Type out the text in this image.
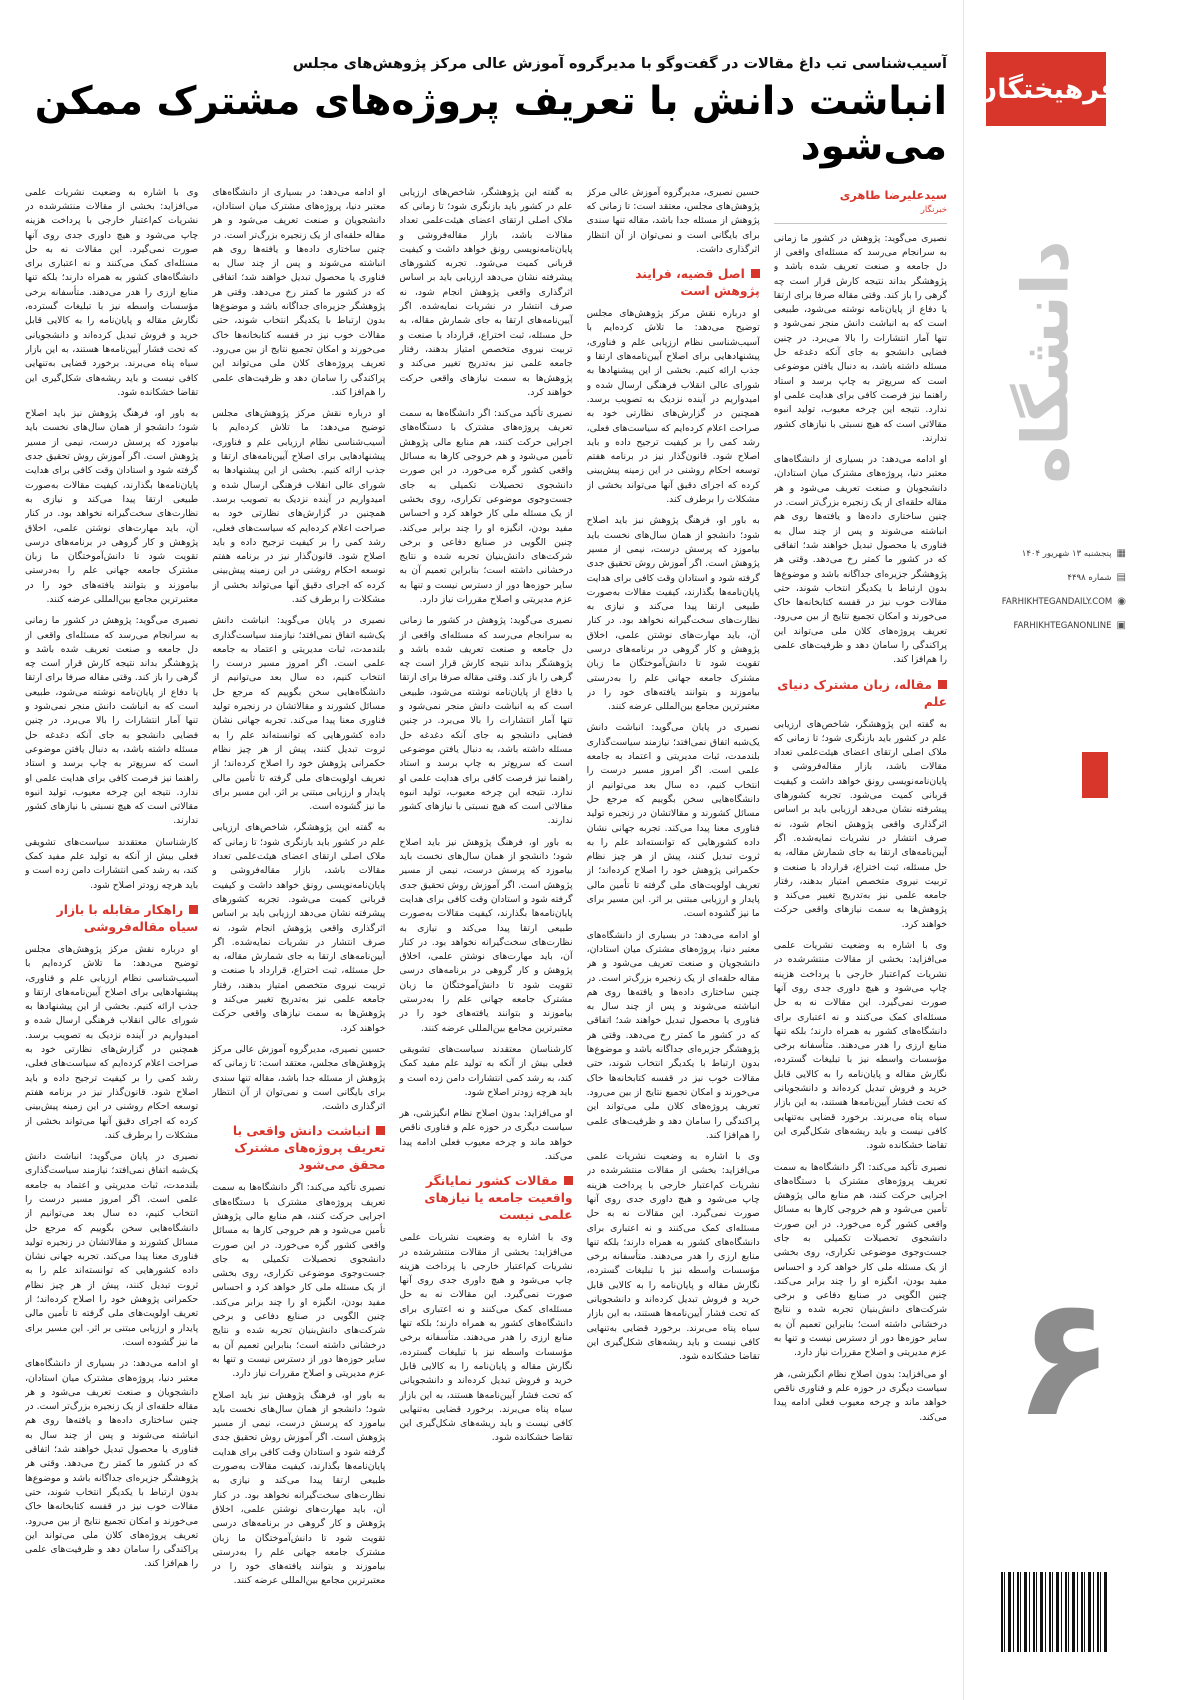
آسیب‌شناسی تب داغ مقالات در گفت‌وگو با مدیرگروه آموزش عالی مرکز پژوهش‌های مجلس
انباشت دانش با تعریف پروژه‌های مشترک ممکن می‌شود
سیدعلیرضا طاهری
خبرنگار

نصیری می‌گوید: پژوهش در کشور ما زمانی به سرانجام می‌رسد که مسئله‌ای واقعی از دل جامعه و صنعت تعریف شده باشد و پژوهشگر بداند نتیجه کارش قرار است چه گرهی را باز کند. وقتی مقاله صرفا برای ارتقا یا دفاع از پایان‌نامه نوشته می‌شود، طبیعی است که به انباشت دانش منجر نمی‌شود و تنها آمار انتشارات را بالا می‌برد. در چنین فضایی دانشجو به جای آنکه دغدغه حل مسئله داشته باشد، به دنبال یافتن موضوعی است که سریع‌تر به چاپ برسد و استاد راهنما نیز فرصت کافی برای هدایت علمی او ندارد. نتیجه این چرخه معیوب، تولید انبوه مقالاتی است که هیچ نسبتی با نیازهای کشور ندارند.

او ادامه می‌دهد: در بسیاری از دانشگاه‌های معتبر دنیا، پروژه‌های مشترک میان استادان، دانشجویان و صنعت تعریف می‌شود و هر مقاله حلقه‌ای از یک زنجیره بزرگ‌تر است. در چنین ساختاری داده‌ها و یافته‌ها روی هم انباشته می‌شوند و پس از چند سال به فناوری یا محصول تبدیل خواهند شد؛ اتفاقی که در کشور ما کمتر رخ می‌دهد. وقتی هر پژوهشگر جزیره‌ای جداگانه باشد و موضوع‌ها بدون ارتباط با یکدیگر انتخاب شوند، حتی مقالات خوب نیز در قفسه کتابخانه‌ها خاک می‌خورند و امکان تجمیع نتایج از بین می‌رود. تعریف پروژه‌های کلان ملی می‌تواند این پراکندگی را سامان دهد و ظرفیت‌های علمی را هم‌افزا کند.

مقاله، زبان مشترک دنیای علم

به گفته این پژوهشگر، شاخص‌های ارزیابی علم در کشور باید بازنگری شود؛ تا زمانی که ملاک اصلی ارتقای اعضای هیئت‌علمی تعداد مقالات باشد، بازار مقاله‌فروشی و پایان‌نامه‌نویسی رونق خواهد داشت و کیفیت قربانی کمیت می‌شود. تجربه کشورهای پیشرفته نشان می‌دهد ارزیابی باید بر اساس اثرگذاری واقعی پژوهش انجام شود، نه صرف انتشار در نشریات نمایه‌شده. اگر آیین‌نامه‌های ارتقا به جای شمارش مقاله، به حل مسئله، ثبت اختراع، قرارداد با صنعت و تربیت نیروی متخصص امتیاز بدهند، رفتار جامعه علمی نیز به‌تدریج تغییر می‌کند و پژوهش‌ها به سمت نیازهای واقعی حرکت خواهند کرد.

وی با اشاره به وضعیت نشریات علمی می‌افزاید: بخشی از مقالات منتشرشده در نشریات کم‌اعتبار خارجی با پرداخت هزینه چاپ می‌شود و هیچ داوری جدی روی آنها صورت نمی‌گیرد. این مقالات نه به حل مسئله‌ای کمک می‌کنند و نه اعتباری برای دانشگاه‌های کشور به همراه دارند؛ بلکه تنها منابع ارزی را هدر می‌دهند. متأسفانه برخی مؤسسات واسطه نیز با تبلیغات گسترده، نگارش مقاله و پایان‌نامه را به کالایی قابل خرید و فروش تبدیل کرده‌اند و دانشجویانی که تحت فشار آیین‌نامه‌ها هستند، به این بازار سیاه پناه می‌برند. برخورد قضایی به‌تنهایی کافی نیست و باید ریشه‌های شکل‌گیری این تقاضا خشکانده شود.

نصیری تأکید می‌کند: اگر دانشگاه‌ها به سمت تعریف پروژه‌های مشترک با دستگاه‌های اجرایی حرکت کنند، هم منابع مالی پژوهش تأمین می‌شود و هم خروجی کارها به مسائل واقعی کشور گره می‌خورد. در این صورت دانشجوی تحصیلات تکمیلی به جای جست‌وجوی موضوعی تکراری، روی بخشی از یک مسئله ملی کار خواهد کرد و احساس مفید بودن، انگیزه او را چند برابر می‌کند. چنین الگویی در صنایع دفاعی و برخی شرکت‌های دانش‌بنیان تجربه شده و نتایج درخشانی داشته است؛ بنابراین تعمیم آن به سایر حوزه‌ها دور از دسترس نیست و تنها به عزم مدیریتی و اصلاح مقررات نیاز دارد.

او می‌افزاید: بدون اصلاح نظام انگیزشی، هر سیاست دیگری در حوزه علم و فناوری ناقص خواهد ماند و چرخه معیوب فعلی ادامه پیدا می‌کند.

حسین نصیری، مدیرگروه آموزش عالی مرکز پژوهش‌های مجلس، معتقد است: تا زمانی که پژوهش از مسئله جدا باشد، مقاله تنها سندی برای بایگانی است و نمی‌توان از آن انتظار اثرگذاری داشت.

اصل قضیه، فرایند پژوهش است

او درباره نقش مرکز پژوهش‌های مجلس توضیح می‌دهد: ما تلاش کرده‌ایم با آسیب‌شناسی نظام ارزیابی علم و فناوری، پیشنهادهایی برای اصلاح آیین‌نامه‌های ارتقا و جذب ارائه کنیم. بخشی از این پیشنهادها به شورای عالی انقلاب فرهنگی ارسال شده و امیدواریم در آینده نزدیک به تصویب برسد. همچنین در گزارش‌های نظارتی خود به صراحت اعلام کرده‌ایم که سیاست‌های فعلی، رشد کمی را بر کیفیت ترجیح داده و باید اصلاح شود. قانون‌گذار نیز در برنامه هفتم توسعه احکام روشنی در این زمینه پیش‌بینی کرده که اجرای دقیق آنها می‌تواند بخشی از مشکلات را برطرف کند.

به باور او، فرهنگ پژوهش نیز باید اصلاح شود؛ دانشجو از همان سال‌های نخست باید بیاموزد که پرسش درست، نیمی از مسیر پژوهش است. اگر آموزش روش تحقیق جدی گرفته شود و استادان وقت کافی برای هدایت پایان‌نامه‌ها بگذارند، کیفیت مقالات به‌صورت طبیعی ارتقا پیدا می‌کند و نیازی به نظارت‌های سخت‌گیرانه نخواهد بود. در کنار آن، باید مهارت‌های نوشتن علمی، اخلاق پژوهش و کار گروهی در برنامه‌های درسی تقویت شود تا دانش‌آموختگان ما زبان مشترک جامعه جهانی علم را به‌درستی بیاموزند و بتوانند یافته‌های خود را در معتبرترین مجامع بین‌المللی عرضه کنند.

نصیری در پایان می‌گوید: انباشت دانش یک‌شبه اتفاق نمی‌افتد؛ نیازمند سیاست‌گذاری بلندمدت، ثبات مدیریتی و اعتماد به جامعه علمی است. اگر امروز مسیر درست را انتخاب کنیم، ده سال بعد می‌توانیم از دانشگاه‌هایی سخن بگوییم که مرجع حل مسائل کشورند و مقالاتشان در زنجیره تولید فناوری معنا پیدا می‌کند. تجربه جهانی نشان داده کشورهایی که توانسته‌اند علم را به ثروت تبدیل کنند، پیش از هر چیز نظام حکمرانی پژوهش خود را اصلاح کرده‌اند؛ از تعریف اولویت‌های ملی گرفته تا تأمین مالی پایدار و ارزیابی مبتنی بر اثر. این مسیر برای ما نیز گشوده است.

او ادامه می‌دهد: در بسیاری از دانشگاه‌های معتبر دنیا، پروژه‌های مشترک میان استادان، دانشجویان و صنعت تعریف می‌شود و هر مقاله حلقه‌ای از یک زنجیره بزرگ‌تر است. در چنین ساختاری داده‌ها و یافته‌ها روی هم انباشته می‌شوند و پس از چند سال به فناوری یا محصول تبدیل خواهند شد؛ اتفاقی که در کشور ما کمتر رخ می‌دهد. وقتی هر پژوهشگر جزیره‌ای جداگانه باشد و موضوع‌ها بدون ارتباط با یکدیگر انتخاب شوند، حتی مقالات خوب نیز در قفسه کتابخانه‌ها خاک می‌خورند و امکان تجمیع نتایج از بین می‌رود. تعریف پروژه‌های کلان ملی می‌تواند این پراکندگی را سامان دهد و ظرفیت‌های علمی را هم‌افزا کند.

وی با اشاره به وضعیت نشریات علمی می‌افزاید: بخشی از مقالات منتشرشده در نشریات کم‌اعتبار خارجی با پرداخت هزینه چاپ می‌شود و هیچ داوری جدی روی آنها صورت نمی‌گیرد. این مقالات نه به حل مسئله‌ای کمک می‌کنند و نه اعتباری برای دانشگاه‌های کشور به همراه دارند؛ بلکه تنها منابع ارزی را هدر می‌دهند. متأسفانه برخی مؤسسات واسطه نیز با تبلیغات گسترده، نگارش مقاله و پایان‌نامه را به کالایی قابل خرید و فروش تبدیل کرده‌اند و دانشجویانی که تحت فشار آیین‌نامه‌ها هستند، به این بازار سیاه پناه می‌برند. برخورد قضایی به‌تنهایی کافی نیست و باید ریشه‌های شکل‌گیری این تقاضا خشکانده شود.

به گفته این پژوهشگر، شاخص‌های ارزیابی علم در کشور باید بازنگری شود؛ تا زمانی که ملاک اصلی ارتقای اعضای هیئت‌علمی تعداد مقالات باشد، بازار مقاله‌فروشی و پایان‌نامه‌نویسی رونق خواهد داشت و کیفیت قربانی کمیت می‌شود. تجربه کشورهای پیشرفته نشان می‌دهد ارزیابی باید بر اساس اثرگذاری واقعی پژوهش انجام شود، نه صرف انتشار در نشریات نمایه‌شده. اگر آیین‌نامه‌های ارتقا به جای شمارش مقاله، به حل مسئله، ثبت اختراع، قرارداد با صنعت و تربیت نیروی متخصص امتیاز بدهند، رفتار جامعه علمی نیز به‌تدریج تغییر می‌کند و پژوهش‌ها به سمت نیازهای واقعی حرکت خواهند کرد.

نصیری تأکید می‌کند: اگر دانشگاه‌ها به سمت تعریف پروژه‌های مشترک با دستگاه‌های اجرایی حرکت کنند، هم منابع مالی پژوهش تأمین می‌شود و هم خروجی کارها به مسائل واقعی کشور گره می‌خورد. در این صورت دانشجوی تحصیلات تکمیلی به جای جست‌وجوی موضوعی تکراری، روی بخشی از یک مسئله ملی کار خواهد کرد و احساس مفید بودن، انگیزه او را چند برابر می‌کند. چنین الگویی در صنایع دفاعی و برخی شرکت‌های دانش‌بنیان تجربه شده و نتایج درخشانی داشته است؛ بنابراین تعمیم آن به سایر حوزه‌ها دور از دسترس نیست و تنها به عزم مدیریتی و اصلاح مقررات نیاز دارد.

نصیری می‌گوید: پژوهش در کشور ما زمانی به سرانجام می‌رسد که مسئله‌ای واقعی از دل جامعه و صنعت تعریف شده باشد و پژوهشگر بداند نتیجه کارش قرار است چه گرهی را باز کند. وقتی مقاله صرفا برای ارتقا یا دفاع از پایان‌نامه نوشته می‌شود، طبیعی است که به انباشت دانش منجر نمی‌شود و تنها آمار انتشارات را بالا می‌برد. در چنین فضایی دانشجو به جای آنکه دغدغه حل مسئله داشته باشد، به دنبال یافتن موضوعی است که سریع‌تر به چاپ برسد و استاد راهنما نیز فرصت کافی برای هدایت علمی او ندارد. نتیجه این چرخه معیوب، تولید انبوه مقالاتی است که هیچ نسبتی با نیازهای کشور ندارند.

به باور او، فرهنگ پژوهش نیز باید اصلاح شود؛ دانشجو از همان سال‌های نخست باید بیاموزد که پرسش درست، نیمی از مسیر پژوهش است. اگر آموزش روش تحقیق جدی گرفته شود و استادان وقت کافی برای هدایت پایان‌نامه‌ها بگذارند، کیفیت مقالات به‌صورت طبیعی ارتقا پیدا می‌کند و نیازی به نظارت‌های سخت‌گیرانه نخواهد بود. در کنار آن، باید مهارت‌های نوشتن علمی، اخلاق پژوهش و کار گروهی در برنامه‌های درسی تقویت شود تا دانش‌آموختگان ما زبان مشترک جامعه جهانی علم را به‌درستی بیاموزند و بتوانند یافته‌های خود را در معتبرترین مجامع بین‌المللی عرضه کنند.

کارشناسان معتقدند سیاست‌های تشویقی فعلی بیش از آنکه به تولید علم مفید کمک کند، به رشد کمی انتشارات دامن زده است و باید هرچه زودتر اصلاح شود.

او می‌افزاید: بدون اصلاح نظام انگیزشی، هر سیاست دیگری در حوزه علم و فناوری ناقص خواهد ماند و چرخه معیوب فعلی ادامه پیدا می‌کند.

مقالات کشور نمایانگر واقعیت جامعه یا نیازهای علمی نیست

وی با اشاره به وضعیت نشریات علمی می‌افزاید: بخشی از مقالات منتشرشده در نشریات کم‌اعتبار خارجی با پرداخت هزینه چاپ می‌شود و هیچ داوری جدی روی آنها صورت نمی‌گیرد. این مقالات نه به حل مسئله‌ای کمک می‌کنند و نه اعتباری برای دانشگاه‌های کشور به همراه دارند؛ بلکه تنها منابع ارزی را هدر می‌دهند. متأسفانه برخی مؤسسات واسطه نیز با تبلیغات گسترده، نگارش مقاله و پایان‌نامه را به کالایی قابل خرید و فروش تبدیل کرده‌اند و دانشجویانی که تحت فشار آیین‌نامه‌ها هستند، به این بازار سیاه پناه می‌برند. برخورد قضایی به‌تنهایی کافی نیست و باید ریشه‌های شکل‌گیری این تقاضا خشکانده شود.

او ادامه می‌دهد: در بسیاری از دانشگاه‌های معتبر دنیا، پروژه‌های مشترک میان استادان، دانشجویان و صنعت تعریف می‌شود و هر مقاله حلقه‌ای از یک زنجیره بزرگ‌تر است. در چنین ساختاری داده‌ها و یافته‌ها روی هم انباشته می‌شوند و پس از چند سال به فناوری یا محصول تبدیل خواهند شد؛ اتفاقی که در کشور ما کمتر رخ می‌دهد. وقتی هر پژوهشگر جزیره‌ای جداگانه باشد و موضوع‌ها بدون ارتباط با یکدیگر انتخاب شوند، حتی مقالات خوب نیز در قفسه کتابخانه‌ها خاک می‌خورند و امکان تجمیع نتایج از بین می‌رود. تعریف پروژه‌های کلان ملی می‌تواند این پراکندگی را سامان دهد و ظرفیت‌های علمی را هم‌افزا کند.

او درباره نقش مرکز پژوهش‌های مجلس توضیح می‌دهد: ما تلاش کرده‌ایم با آسیب‌شناسی نظام ارزیابی علم و فناوری، پیشنهادهایی برای اصلاح آیین‌نامه‌های ارتقا و جذب ارائه کنیم. بخشی از این پیشنهادها به شورای عالی انقلاب فرهنگی ارسال شده و امیدواریم در آینده نزدیک به تصویب برسد. همچنین در گزارش‌های نظارتی خود به صراحت اعلام کرده‌ایم که سیاست‌های فعلی، رشد کمی را بر کیفیت ترجیح داده و باید اصلاح شود. قانون‌گذار نیز در برنامه هفتم توسعه احکام روشنی در این زمینه پیش‌بینی کرده که اجرای دقیق آنها می‌تواند بخشی از مشکلات را برطرف کند.

نصیری در پایان می‌گوید: انباشت دانش یک‌شبه اتفاق نمی‌افتد؛ نیازمند سیاست‌گذاری بلندمدت، ثبات مدیریتی و اعتماد به جامعه علمی است. اگر امروز مسیر درست را انتخاب کنیم، ده سال بعد می‌توانیم از دانشگاه‌هایی سخن بگوییم که مرجع حل مسائل کشورند و مقالاتشان در زنجیره تولید فناوری معنا پیدا می‌کند. تجربه جهانی نشان داده کشورهایی که توانسته‌اند علم را به ثروت تبدیل کنند، پیش از هر چیز نظام حکمرانی پژوهش خود را اصلاح کرده‌اند؛ از تعریف اولویت‌های ملی گرفته تا تأمین مالی پایدار و ارزیابی مبتنی بر اثر. این مسیر برای ما نیز گشوده است.

به گفته این پژوهشگر، شاخص‌های ارزیابی علم در کشور باید بازنگری شود؛ تا زمانی که ملاک اصلی ارتقای اعضای هیئت‌علمی تعداد مقالات باشد، بازار مقاله‌فروشی و پایان‌نامه‌نویسی رونق خواهد داشت و کیفیت قربانی کمیت می‌شود. تجربه کشورهای پیشرفته نشان می‌دهد ارزیابی باید بر اساس اثرگذاری واقعی پژوهش انجام شود، نه صرف انتشار در نشریات نمایه‌شده. اگر آیین‌نامه‌های ارتقا به جای شمارش مقاله، به حل مسئله، ثبت اختراع، قرارداد با صنعت و تربیت نیروی متخصص امتیاز بدهند، رفتار جامعه علمی نیز به‌تدریج تغییر می‌کند و پژوهش‌ها به سمت نیازهای واقعی حرکت خواهند کرد.

حسین نصیری، مدیرگروه آموزش عالی مرکز پژوهش‌های مجلس، معتقد است: تا زمانی که پژوهش از مسئله جدا باشد، مقاله تنها سندی برای بایگانی است و نمی‌توان از آن انتظار اثرگذاری داشت.

انباشت دانش واقعی با تعریف پروژه‌های مشترک محقق می‌شود

نصیری تأکید می‌کند: اگر دانشگاه‌ها به سمت تعریف پروژه‌های مشترک با دستگاه‌های اجرایی حرکت کنند، هم منابع مالی پژوهش تأمین می‌شود و هم خروجی کارها به مسائل واقعی کشور گره می‌خورد. در این صورت دانشجوی تحصیلات تکمیلی به جای جست‌وجوی موضوعی تکراری، روی بخشی از یک مسئله ملی کار خواهد کرد و احساس مفید بودن، انگیزه او را چند برابر می‌کند. چنین الگویی در صنایع دفاعی و برخی شرکت‌های دانش‌بنیان تجربه شده و نتایج درخشانی داشته است؛ بنابراین تعمیم آن به سایر حوزه‌ها دور از دسترس نیست و تنها به عزم مدیریتی و اصلاح مقررات نیاز دارد.

به باور او، فرهنگ پژوهش نیز باید اصلاح شود؛ دانشجو از همان سال‌های نخست باید بیاموزد که پرسش درست، نیمی از مسیر پژوهش است. اگر آموزش روش تحقیق جدی گرفته شود و استادان وقت کافی برای هدایت پایان‌نامه‌ها بگذارند، کیفیت مقالات به‌صورت طبیعی ارتقا پیدا می‌کند و نیازی به نظارت‌های سخت‌گیرانه نخواهد بود. در کنار آن، باید مهارت‌های نوشتن علمی، اخلاق پژوهش و کار گروهی در برنامه‌های درسی تقویت شود تا دانش‌آموختگان ما زبان مشترک جامعه جهانی علم را به‌درستی بیاموزند و بتوانند یافته‌های خود را در معتبرترین مجامع بین‌المللی عرضه کنند.

وی با اشاره به وضعیت نشریات علمی می‌افزاید: بخشی از مقالات منتشرشده در نشریات کم‌اعتبار خارجی با پرداخت هزینه چاپ می‌شود و هیچ داوری جدی روی آنها صورت نمی‌گیرد. این مقالات نه به حل مسئله‌ای کمک می‌کنند و نه اعتباری برای دانشگاه‌های کشور به همراه دارند؛ بلکه تنها منابع ارزی را هدر می‌دهند. متأسفانه برخی مؤسسات واسطه نیز با تبلیغات گسترده، نگارش مقاله و پایان‌نامه را به کالایی قابل خرید و فروش تبدیل کرده‌اند و دانشجویانی که تحت فشار آیین‌نامه‌ها هستند، به این بازار سیاه پناه می‌برند. برخورد قضایی به‌تنهایی کافی نیست و باید ریشه‌های شکل‌گیری این تقاضا خشکانده شود.

به باور او، فرهنگ پژوهش نیز باید اصلاح شود؛ دانشجو از همان سال‌های نخست باید بیاموزد که پرسش درست، نیمی از مسیر پژوهش است. اگر آموزش روش تحقیق جدی گرفته شود و استادان وقت کافی برای هدایت پایان‌نامه‌ها بگذارند، کیفیت مقالات به‌صورت طبیعی ارتقا پیدا می‌کند و نیازی به نظارت‌های سخت‌گیرانه نخواهد بود. در کنار آن، باید مهارت‌های نوشتن علمی، اخلاق پژوهش و کار گروهی در برنامه‌های درسی تقویت شود تا دانش‌آموختگان ما زبان مشترک جامعه جهانی علم را به‌درستی بیاموزند و بتوانند یافته‌های خود را در معتبرترین مجامع بین‌المللی عرضه کنند.

نصیری می‌گوید: پژوهش در کشور ما زمانی به سرانجام می‌رسد که مسئله‌ای واقعی از دل جامعه و صنعت تعریف شده باشد و پژوهشگر بداند نتیجه کارش قرار است چه گرهی را باز کند. وقتی مقاله صرفا برای ارتقا یا دفاع از پایان‌نامه نوشته می‌شود، طبیعی است که به انباشت دانش منجر نمی‌شود و تنها آمار انتشارات را بالا می‌برد. در چنین فضایی دانشجو به جای آنکه دغدغه حل مسئله داشته باشد، به دنبال یافتن موضوعی است که سریع‌تر به چاپ برسد و استاد راهنما نیز فرصت کافی برای هدایت علمی او ندارد. نتیجه این چرخه معیوب، تولید انبوه مقالاتی است که هیچ نسبتی با نیازهای کشور ندارند.

کارشناسان معتقدند سیاست‌های تشویقی فعلی بیش از آنکه به تولید علم مفید کمک کند، به رشد کمی انتشارات دامن زده است و باید هرچه زودتر اصلاح شود.

راهکار مقابله با بازار سیاه مقاله‌فروشی

او درباره نقش مرکز پژوهش‌های مجلس توضیح می‌دهد: ما تلاش کرده‌ایم با آسیب‌شناسی نظام ارزیابی علم و فناوری، پیشنهادهایی برای اصلاح آیین‌نامه‌های ارتقا و جذب ارائه کنیم. بخشی از این پیشنهادها به شورای عالی انقلاب فرهنگی ارسال شده و امیدواریم در آینده نزدیک به تصویب برسد. همچنین در گزارش‌های نظارتی خود به صراحت اعلام کرده‌ایم که سیاست‌های فعلی، رشد کمی را بر کیفیت ترجیح داده و باید اصلاح شود. قانون‌گذار نیز در برنامه هفتم توسعه احکام روشنی در این زمینه پیش‌بینی کرده که اجرای دقیق آنها می‌تواند بخشی از مشکلات را برطرف کند.

نصیری در پایان می‌گوید: انباشت دانش یک‌شبه اتفاق نمی‌افتد؛ نیازمند سیاست‌گذاری بلندمدت، ثبات مدیریتی و اعتماد به جامعه علمی است. اگر امروز مسیر درست را انتخاب کنیم، ده سال بعد می‌توانیم از دانشگاه‌هایی سخن بگوییم که مرجع حل مسائل کشورند و مقالاتشان در زنجیره تولید فناوری معنا پیدا می‌کند. تجربه جهانی نشان داده کشورهایی که توانسته‌اند علم را به ثروت تبدیل کنند، پیش از هر چیز نظام حکمرانی پژوهش خود را اصلاح کرده‌اند؛ از تعریف اولویت‌های ملی گرفته تا تأمین مالی پایدار و ارزیابی مبتنی بر اثر. این مسیر برای ما نیز گشوده است.

او ادامه می‌دهد: در بسیاری از دانشگاه‌های معتبر دنیا، پروژه‌های مشترک میان استادان، دانشجویان و صنعت تعریف می‌شود و هر مقاله حلقه‌ای از یک زنجیره بزرگ‌تر است. در چنین ساختاری داده‌ها و یافته‌ها روی هم انباشته می‌شوند و پس از چند سال به فناوری یا محصول تبدیل خواهند شد؛ اتفاقی که در کشور ما کمتر رخ می‌دهد. وقتی هر پژوهشگر جزیره‌ای جداگانه باشد و موضوع‌ها بدون ارتباط با یکدیگر انتخاب شوند، حتی مقالات خوب نیز در قفسه کتابخانه‌ها خاک می‌خورند و امکان تجمیع نتایج از بین می‌رود. تعریف پروژه‌های کلان ملی می‌تواند این پراکندگی را سامان دهد و ظرفیت‌های علمی را هم‌افزا کند.

فرهیختگان
دانشگاه
▦
پنجشنبه ۱۳ شهریور ۱۴۰۴
▤
شماره ۴۴۹۸
◉
FARHIKHTEGANDAILY.COM
▣
FARHIKHTEGANONLINE
۶
